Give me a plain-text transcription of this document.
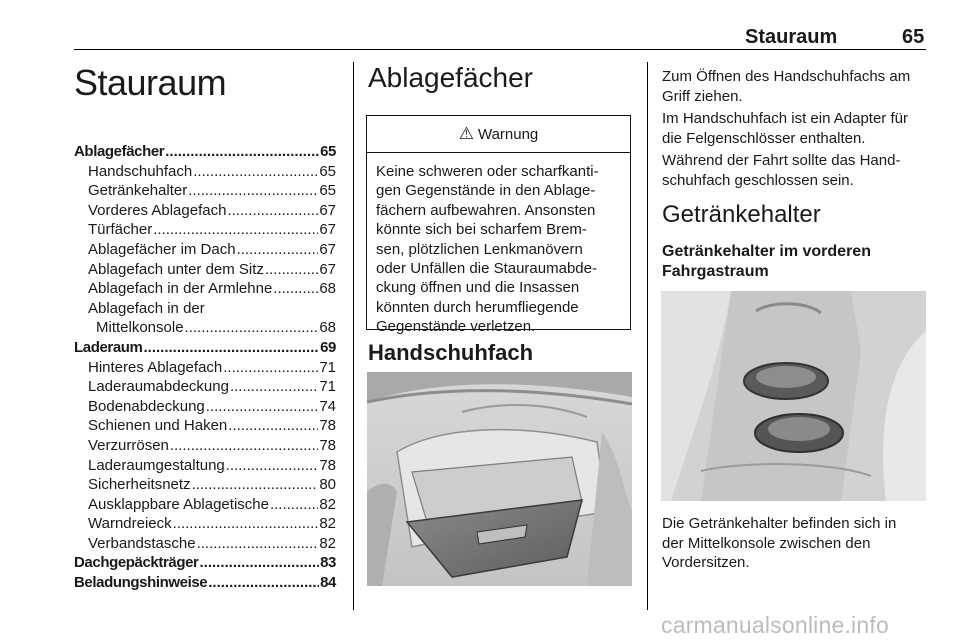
Stauraum	65
Stauraum
Ablagefächer .....	65
Handschuhfach .....	65
Getränkehalter .....	65
Vorderes Ablagefach .....	67
Türfächer .....	67
Ablagefächer im Dach .....	67
Ablagefach unter dem Sitz .....	67
Ablagefach in der Armlehne .....	68
Ablagefach in der
Mittelkonsole .....	68
Laderaum .....	69
Hinteres Ablagefach .....	71
Laderaumabdeckung .....	71
Bodenabdeckung .....	74
Schienen und Haken .....	78
Verzurrösen .....	78
Laderaumgestaltung .....	78
Sicherheitsnetz .....	80
Ausklappbare Ablagetische .....	82
Warndreieck .....	82
Verbandstasche .....	82
Dachgepäckträger .....	83
Beladungshinweise .....	84
Ablagefächer
⚠ Warnung
Keine schweren oder scharfkanti-
gen Gegenstände in den Ablage-
fächern aufbewahren. Ansonsten
könnte sich bei scharfem Brem-
sen, plötzlichen Lenkmanövern
oder Unfällen die Stauraumabde-
ckung öffnen und die Insassen
könnten durch herumfliegende
Gegenstände verletzen.
Handschuhfach
Zum Öffnen des Handschuhfachs am
Griff ziehen.
Im Handschuhfach ist ein Adapter für
die Felgenschlösser enthalten.
Während der Fahrt sollte das Hand-
schuhfach geschlossen sein.
Getränkehalter
Getränkehalter im vorderen
Fahrgastraum
Die Getränkehalter befinden sich in
der Mittelkonsole zwischen den
Vordersitzen.
carmanualsonline.info
